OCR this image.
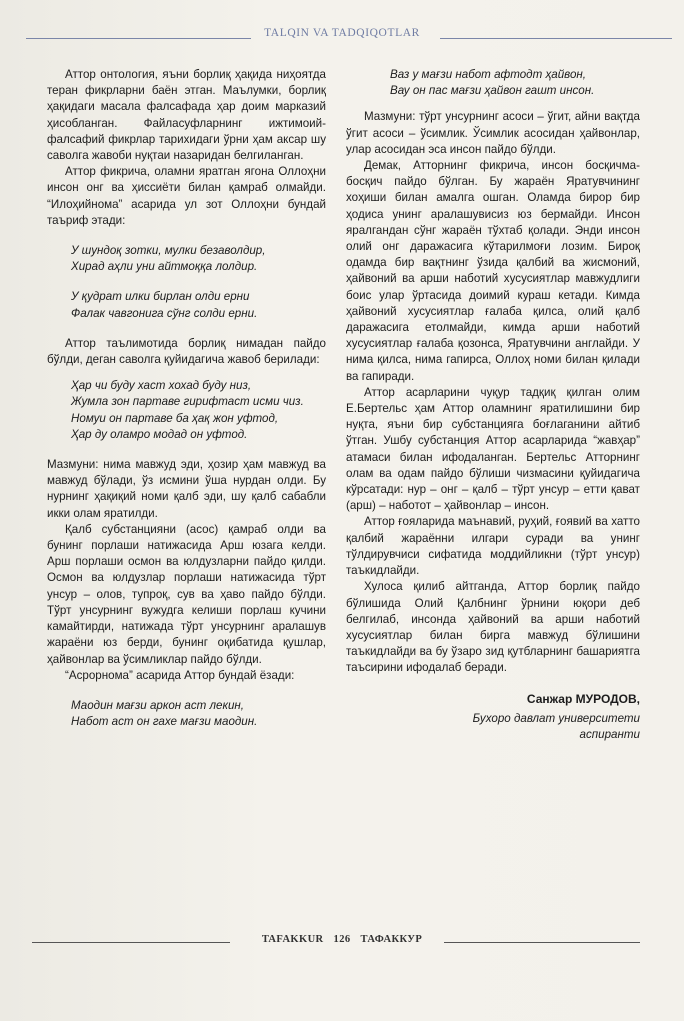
TALQIN VA TADQIQOTLAR

Аттор онтология, яъни борлиқ ҳақида ниҳоятда теран фикрларни баён этган. Маълумки, борлиқ ҳақидаги масала фалсафада ҳар доим марказий ҳисобланган. Файласуфларнинг ижтимоий-фалсафий фикрлар тарихидаги ўрни ҳам аксар шу саволга жавоби нуқтаи назаридан белгиланган.

Аттор фикрича, оламни яратган ягона Оллоҳни инсон онг ва ҳиссиёти билан қамраб олмайди. “Илоҳийнома” асарида ул зот Оллоҳни бундай таъриф этади:

У шундоқ зотки, мулки безаволдир,
Хирад аҳли уни айтмоққа лолдир.
У қудрат илки бирлан олди ерни
Фалак чавгонига сўнг солди ерни.

Аттор таълимотида борлиқ нимадан пайдо бўлди, деган саволга қуйидагича жавоб берилади:

Ҳар чи буду хаст хохад буду низ,
Жумла зон партаве гирифтаст исми чиз.
Номуи он партаве ба ҳақ жон уфтод,
Ҳар ду оламро модад он уфтод.

Мазмуни: нима мавжуд эди, ҳозир ҳам мавжуд ва мавжуд бўлади, ўз исмини ўша нурдан олди. Бу нурнинг ҳақиқий номи қалб эди, шу қалб сабабли икки олам яратилди.

Қалб субстанцияни (асос) қамраб олди ва бунинг порлаши натижасида Арш юзага келди. Арш порлаши осмон ва юлдузларни пайдо қилди. Осмон ва юлдузлар порлаши натижасида тўрт унсур – олов, тупроқ, сув ва ҳаво пайдо бўлди. Тўрт унсурнинг вужудга келиши порлаш кучини камайтирди, натижада тўрт унсурнинг аралашув жараёни юз берди, бунинг оқибатида қушлар, ҳайвонлар ва ўсимликлар пайдо бўлди.

“Асрорнома” асарида Аттор бундай ёзади:

Маодин мағзи аркон аст лекин,
Набот аст он гахе мағзи маодин.
Ваз у мағзи набот афтодт ҳайвон,
Вау он пас мағзи ҳайвон гашт инсон.

Мазмуни: тўрт унсурнинг асоси – ўгит, айни вақтда ўгит асоси – ўсимлик. Ўсимлик асосидан ҳайвонлар, улар асосидан эса инсон пайдо бўлди.

Демак, Атторнинг фикрича, инсон босқичма-босқич пайдо бўлган. Бу жараён Яратувчининг хоҳиши билан амалга ошган. Оламда бирор бир ҳодиса унинг аралашувисиз юз бермайди. Инсон яралгандан сўнг жараён тўхтаб қолади. Энди инсон олий онг даражасига кўтарилмоғи лозим. Бироқ одамда бир вақтнинг ўзида қалбий ва жисмоний, ҳайвоний ва арши наботий хусусиятлар мавжудлиги боис улар ўртасида доимий кураш кетади. Кимда ҳайвоний хусусиятлар ғалаба қилса, олий қалб даражасига етолмайди, кимда арши наботий хусусиятлар ғалаба қозонса, Яратувчини англайди. У нима қилса, нима гапирса, Оллоҳ номи билан қилади ва гапиради.

Аттор асарларини чуқур тадқиқ қилган олим Е.Бертельс ҳам Аттор оламнинг яратилишини бир нуқта, яъни бир субстанцияга боғлаганини айтиб ўтган. Ушбу субстанция Аттор асарларида “жавҳар” атамаси билан ифодаланган. Бертельс Атторнинг олам ва одам пайдо бўлиши чизмасини қуйидагича кўрсатади: нур – онг – қалб – тўрт унсур – етти қават (арш) – наботот – ҳайвонлар – инсон.

Аттор ғояларида маънавий, руҳий, ғоявий ва хатто қалбий жараённи илгари суради ва унинг тўлдирувчиси сифатида моддийликни (тўрт унсур) таъкидлайди.

Хулоса қилиб айтганда, Аттор борлиқ пайдо бўлишида Олий Қалбнинг ўрнини юқори деб белгилаб, инсонда ҳайвоний ва арши наботий хусусиятлар билан бирга мавжуд бўлишини таъкидлайди ва бу ўзаро зид қутбларнинг башариятга таъсирини ифодалаб беради.

Санжар МУРОДОВ,
Бухоро давлат университети
аспиранти
TAFAKKUR 126 ТАФАККУР
